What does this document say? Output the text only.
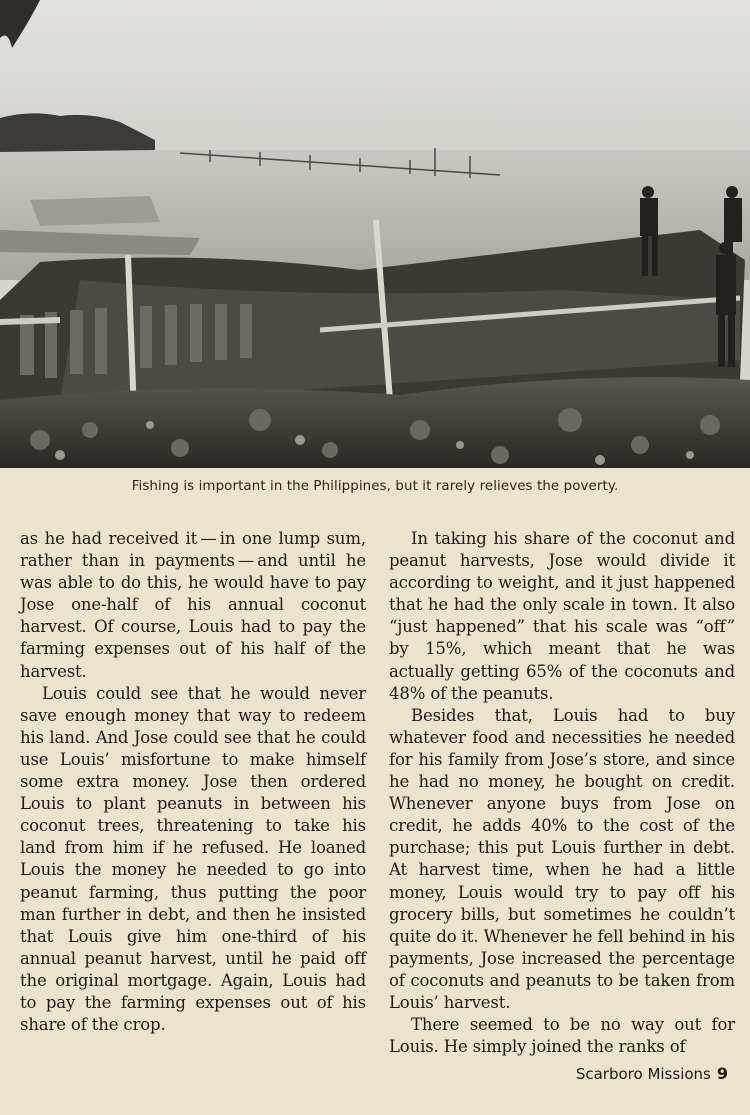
Fishing is important in the Philippines, but it rarely relieves the poverty.

as he had received it — in one lump sum, rather than in payments — and until he was able to do this, he would have to pay Jose one-half of his annual coconut harvest. Of course, Louis had to pay the farming expenses out of his half of the harvest.

Louis could see that he would never save enough money that way to redeem his land. And Jose could see that he could use Louis’ misfortune to make himself some extra money. Jose then ordered Louis to plant peanuts in between his coconut trees, threatening to take his land from him if he refused. He loaned Louis the money he needed to go into peanut farming, thus putting the poor man further in debt, and then he insisted that Louis give him one-third of his annual peanut harvest, until he paid off the original mortgage. Again, Louis had to pay the farming expenses out of his share of the crop.

In taking his share of the coconut and peanut harvests, Jose would divide it according to weight, and it just happened that he had the only scale in town. It also “just happened” that his scale was “off” by 15%, which meant that he was actually getting 65% of the coconuts and 48% of the peanuts.

Besides that, Louis had to buy whatever food and necessities he needed for his family from Jose’s store, and since he had no money, he bought on credit. Whenever anyone buys from Jose on credit, he adds 40% to the cost of the purchase; this put Louis further in debt. At harvest time, when he had a little money, Louis would try to pay off his grocery bills, but sometimes he couldn’t quite do it. Whenever he fell behind in his payments, Jose increased the percentage of coconuts and peanuts to be taken from Louis’ harvest.

There seemed to be no way out for Louis. He simply joined the ranks of

Scarboro Missions 9
